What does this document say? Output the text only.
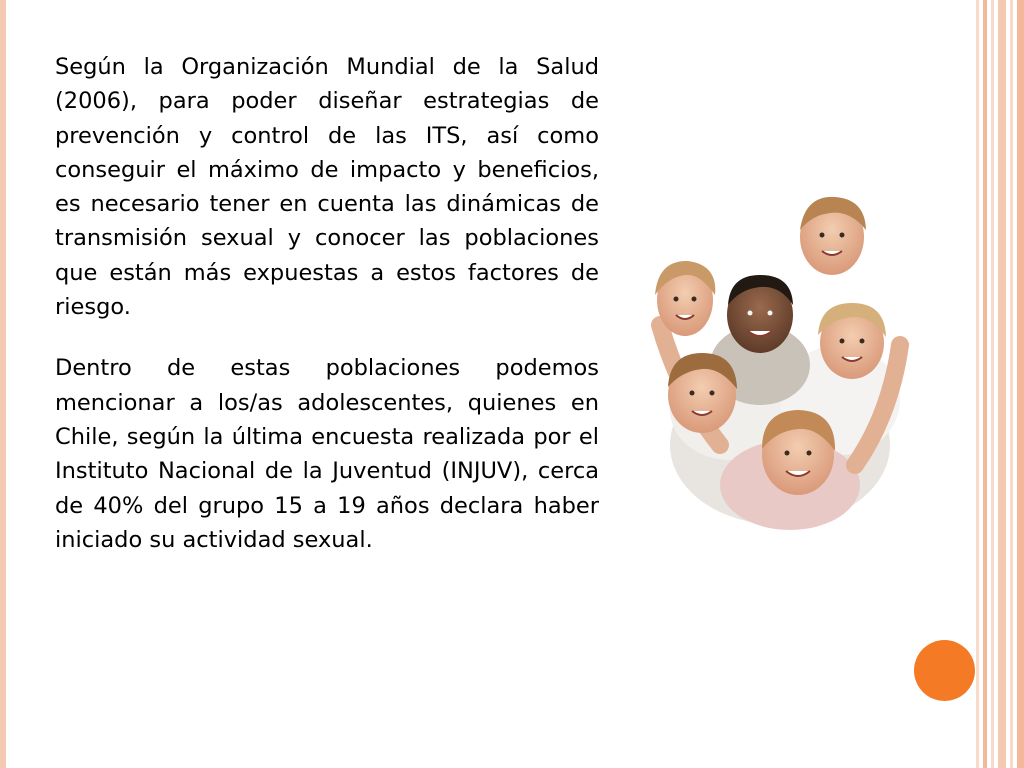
Según la Organización Mundial de la Salud (2006), para poder diseñar estrategias de prevención y control de las ITS, así como conseguir el máximo de impacto y beneficios, es necesario tener en cuenta las dinámicas de transmisión sexual y conocer las poblaciones que están más expuestas a estos factores de riesgo.

Dentro de estas poblaciones podemos mencionar a los/as adolescentes, quienes en Chile, según la última encuesta realizada por el Instituto Nacional de la Juventud (INJUV), cerca de 40% del grupo 15 a 19 años declara haber iniciado su actividad sexual.
